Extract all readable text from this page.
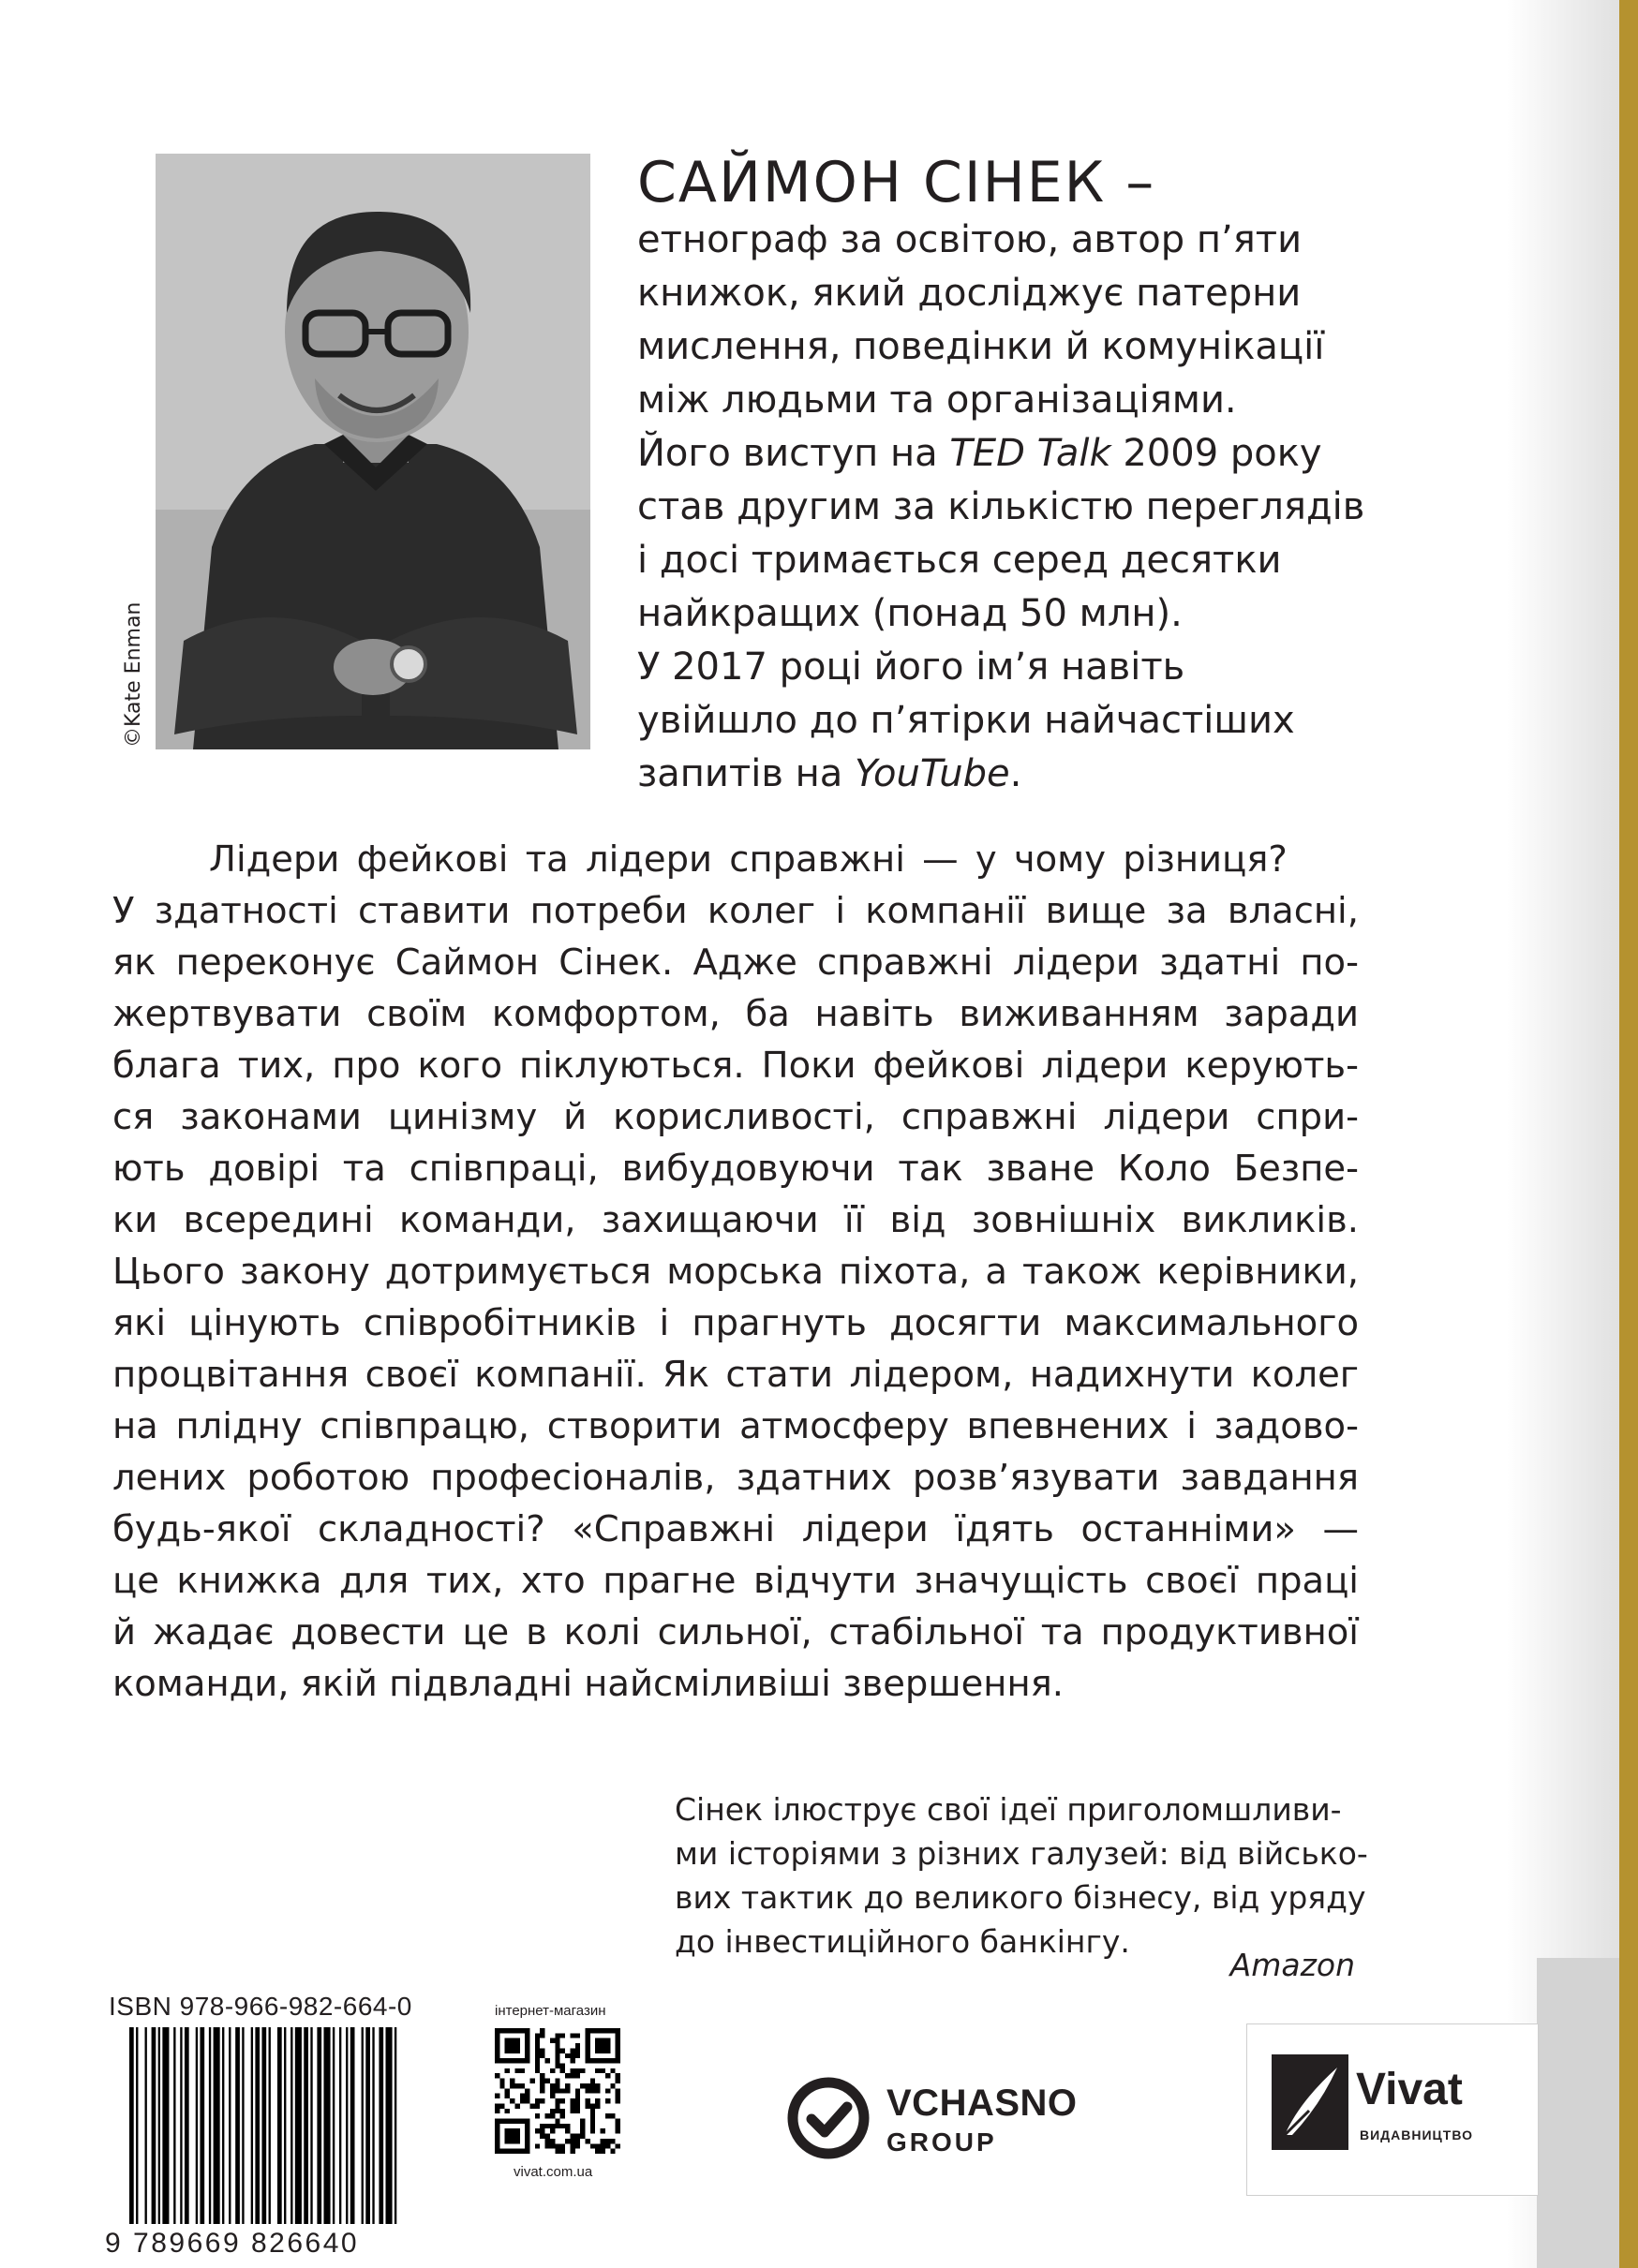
©Kate Enman
САЙМОН СІНЕК –
етнограф за освітою, автор п’яти
книжок, який досліджує патерни
мислення, поведінки й комунікації
між людьми та організаціями.
Його виступ на TED Talk 2009 року
став другим за кількістю переглядів
і досі тримається серед десятки
найкращих (понад 50 млн).
У 2017 році його ім’я навіть
увійшло до п’ятірки найчастіших
запитів на YouTube.
Лідери фейкові та лідери справжні — у чому різниця?
У здатності ставити потреби колег і компанії вище за власні,
як переконує Саймон Сінек. Адже справжні лідери здатні по-
жертвувати своїм комфортом, ба навіть виживанням заради
блага тих, про кого піклуються. Поки фейкові лідери керують-
ся законами цинізму й корисливості, справжні лідери спри-
ють довірі та співпраці, вибудовуючи так зване Коло Безпе-
ки всередині команди, захищаючи її від зовнішніх викликів.
Цього закону дотримується морська піхота, а також керівники,
які цінують співробітників і прагнуть досягти максимального
процвітання своєї компанії. Як стати лідером, надихнути колег
на плідну співпрацю, створити атмосферу впевнених і задово-
лених роботою професіоналів, здатних розв’язувати завдання
будь-якої складності? «Справжні лідери їдять останніми» —
це книжка для тих, хто прагне відчути значущість своєї праці
й жадає довести це в колі сильної, стабільної та продуктивної
команди, якій підвладні найсміливіші звершення.
Сінек ілюструє свої ідеї приголомшливи-
ми історіями з різних галузей: від військо-
вих тактик до великого бізнесу, від уряду
до інвестиційного банкінгу.
Amazon
ISBN 978-966-982-664-0
9 789669 826640
інтернет-магазин
vivat.com.ua
VCHASNO
GROUP
Vivat
ВИДАВНИЦТВО
